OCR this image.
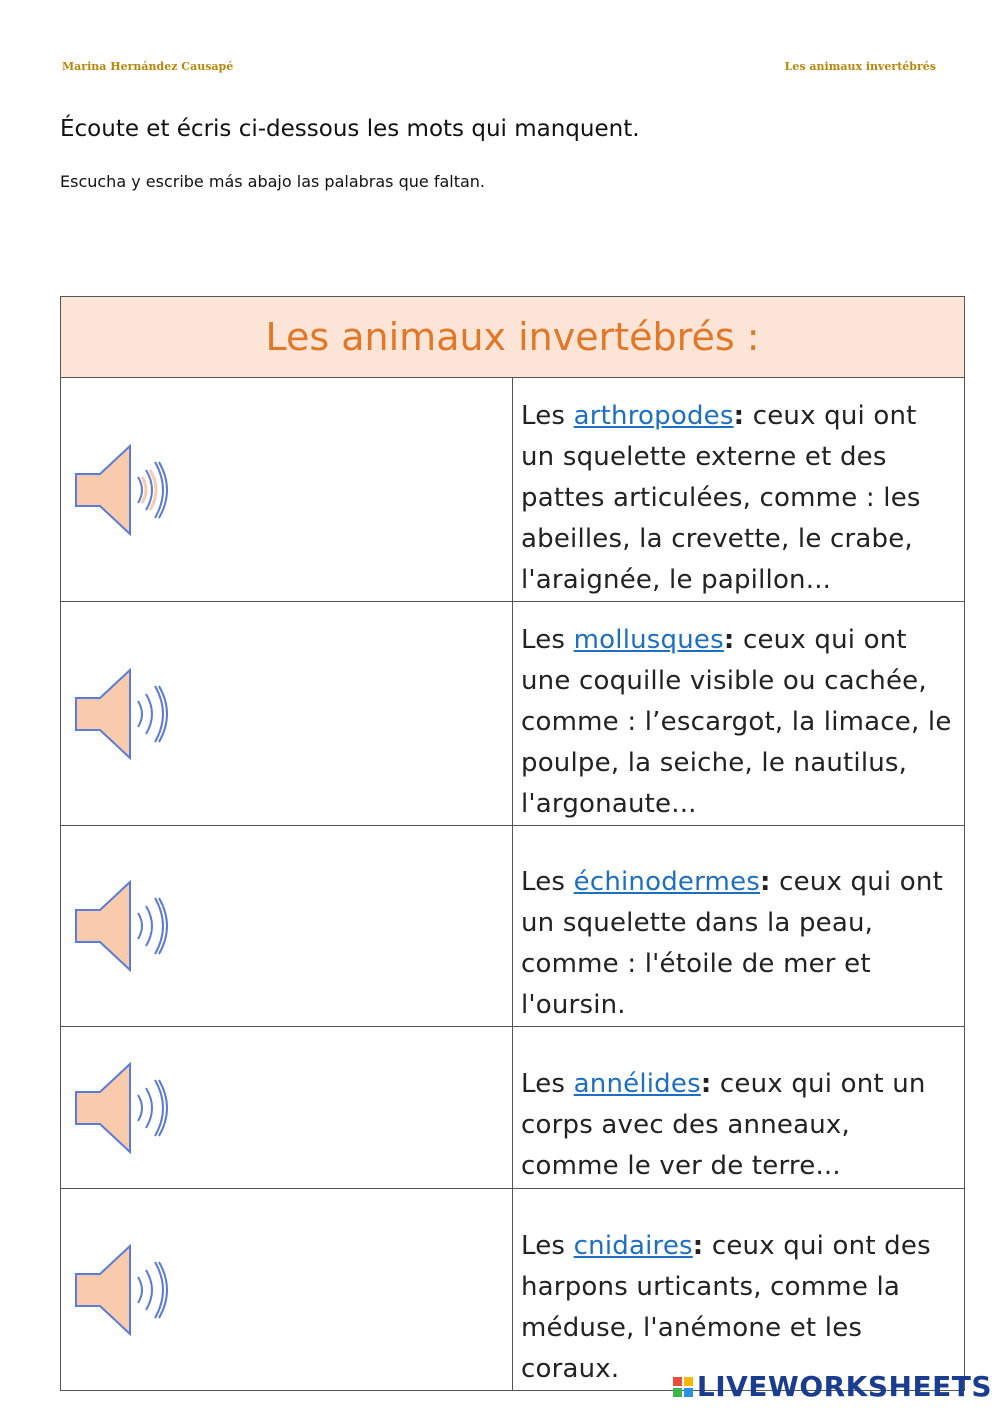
Marina Hernández Causapé	Les animaux invertébrés
Écoute et écris ci-dessous les mots qui manquent.
Escucha y escribe más abajo las palabras que faltan.
Les animaux invertébrés :	

	Les arthropodes: ceux qui ont un squelette externe et des pattes articulées, comme : les abeilles, la crevette, le crabe, l'araignée, le papillon...

	Les mollusques: ceux qui ont une coquille visible ou cachée, comme : l’escargot, la limace, le poulpe, la seiche, le nautilus, l'argonaute...

	Les échinodermes: ceux qui ont un squelette dans la peau, comme : l'étoile de mer et l'oursin.

	Les annélides: ceux qui ont un corps avec des anneaux, comme le ver de terre...

	Les cnidaires: ceux qui ont des harpons urticants, comme la méduse, l'anémone et les coraux.
LIVEWORKSHEETS
